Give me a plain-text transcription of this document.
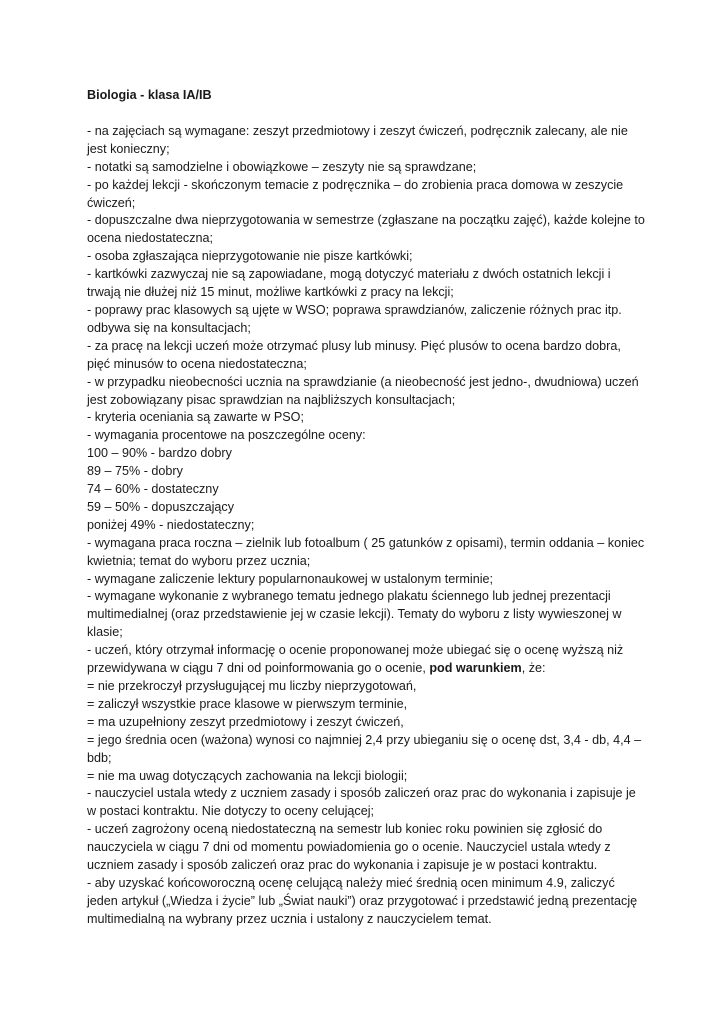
Biologia - klasa IA/IB

- na zajęciach są wymagane: zeszyt przedmiotowy i zeszyt ćwiczeń, podręcznik zalecany, ale nie jest konieczny;

- notatki są samodzielne i obowiązkowe – zeszyty nie są sprawdzane;

- po każdej lekcji - skończonym temacie z podręcznika – do zrobienia praca domowa w zeszycie ćwiczeń;

- dopuszczalne dwa nieprzygotowania w semestrze (zgłaszane na początku zajęć), każde kolejne to ocena niedostateczna;

- osoba zgłaszająca nieprzygotowanie nie pisze kartkówki;

- kartkówki zazwyczaj nie są zapowiadane, mogą dotyczyć materiału z dwóch ostatnich lekcji i trwają nie dłużej niż 15 minut, możliwe kartkówki z pracy na lekcji;

- poprawy prac klasowych są ujęte w WSO; poprawa sprawdzianów, zaliczenie różnych prac itp. odbywa się na konsultacjach;

- za pracę na lekcji uczeń może otrzymać plusy lub minusy. Pięć plusów to ocena bardzo dobra, pięć minusów to ocena niedostateczna;

- w przypadku nieobecności ucznia na sprawdzianie (a nieobecność jest jedno-, dwudniowa) uczeń jest zobowiązany pisac sprawdzian na najbliższych konsultacjach;

- kryteria oceniania są zawarte w PSO;

- wymagania procentowe na poszczególne oceny:

100 – 90% - bardzo dobry

89 – 75% - dobry

74 – 60% - dostateczny

59 – 50% - dopuszczający

poniżej 49% - niedostateczny;

- wymagana praca roczna – zielnik lub fotoalbum ( 25 gatunków z opisami), termin oddania – koniec kwietnia; temat do wyboru przez ucznia;

- wymagane zaliczenie lektury popularnonaukowej w ustalonym terminie;

- wymagane wykonanie z wybranego tematu jednego plakatu ściennego lub jednej prezentacji multimedialnej (oraz przedstawienie jej w czasie lekcji). Tematy do wyboru z listy wywieszonej w klasie;

- uczeń, który otrzymał informację o ocenie proponowanej może ubiegać się o ocenę wyższą niż przewidywana w ciągu 7 dni od poinformowania go o ocenie, pod warunkiem, że:

= nie przekroczył przysługującej mu liczby nieprzygotowań,

= zaliczył wszystkie prace klasowe w pierwszym terminie,

= ma uzupełniony zeszyt przedmiotowy i zeszyt ćwiczeń,

= jego średnia ocen (ważona) wynosi co najmniej 2,4 przy ubieganiu się o ocenę dst, 3,4 - db, 4,4 – bdb;

= nie ma uwag dotyczących zachowania na lekcji biologii;

- nauczyciel ustala wtedy z uczniem zasady i sposób zaliczeń oraz prac do wykonania i zapisuje je w postaci kontraktu. Nie dotyczy to oceny celującej;

- uczeń zagrożony oceną niedostateczną na semestr lub koniec roku powinien się zgłosić do nauczyciela w ciągu 7 dni od momentu powiadomienia go o ocenie. Nauczyciel ustala wtedy z uczniem zasady i sposób zaliczeń oraz prac do wykonania i zapisuje je w postaci kontraktu.

- aby uzyskać końcoworoczną ocenę celującą należy mieć średnią ocen minimum 4.9, zaliczyć jeden artykuł („Wiedza i życie” lub „Świat nauki”) oraz przygotować i przedstawić jedną prezentację multimedialną na wybrany przez ucznia i ustalony z nauczycielem temat.
